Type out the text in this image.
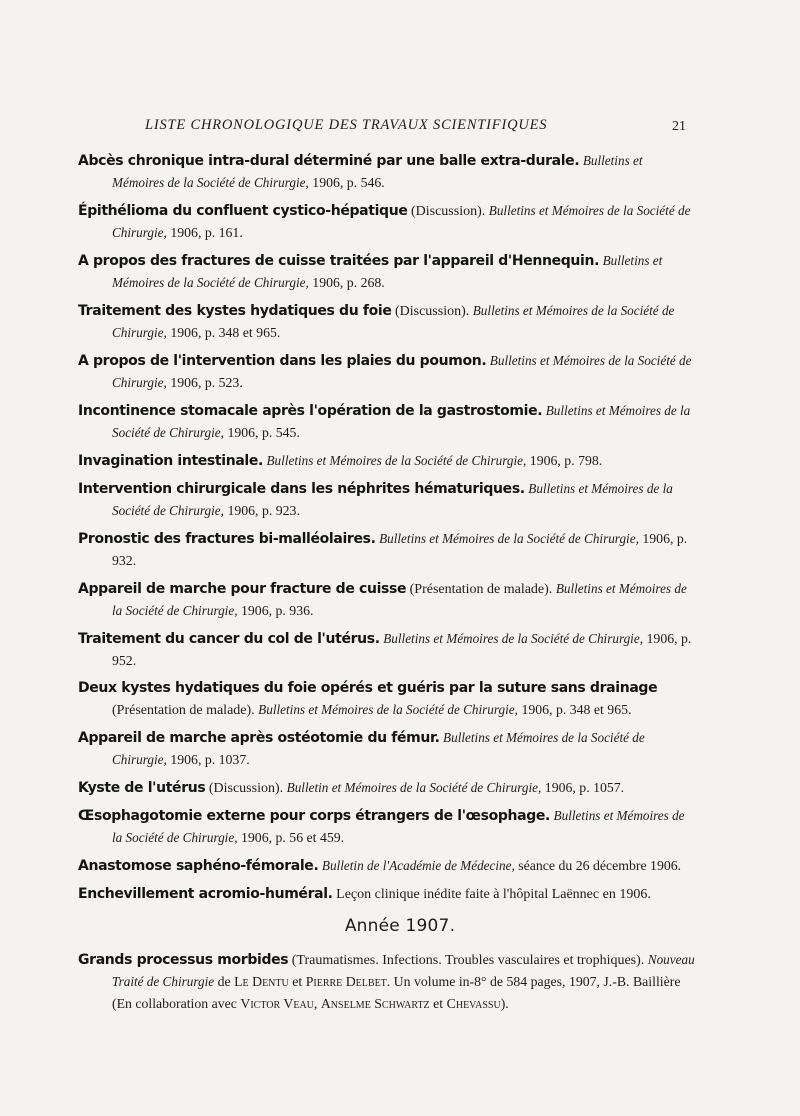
LISTE CHRONOLOGIQUE DES TRAVAUX SCIENTIFIQUES	21

Abcès chronique intra-dural déterminé par une balle extra-durale. Bulletins et Mémoires de la Société de Chirurgie, 1906, p. 546.

Épithélioma du confluent cystico-hépatique (Discussion). Bulletins et Mémoires de la Société de Chirurgie, 1906, p. 161.

A propos des fractures de cuisse traitées par l'appareil d'Hennequin. Bulletins et Mémoires de la Société de Chirurgie, 1906, p. 268.

Traitement des kystes hydatiques du foie (Discussion). Bulletins et Mémoires de la Société de Chirurgie, 1906, p. 348 et 965.

A propos de l'intervention dans les plaies du poumon. Bulletins et Mémoires de la Société de Chirurgie, 1906, p. 523.

Incontinence stomacale après l'opération de la gastrostomie. Bulletins et Mémoires de la Société de Chirurgie, 1906, p. 545.

Invagination intestinale. Bulletins et Mémoires de la Société de Chirurgie, 1906, p. 798.

Intervention chirurgicale dans les néphrites hématuriques. Bulletins et Mémoires de la Société de Chirurgie, 1906, p. 923.

Pronostic des fractures bi-malléolaires. Bulletins et Mémoires de la Société de Chirurgie, 1906, p. 932.

Appareil de marche pour fracture de cuisse (Présentation de malade). Bulletins et Mémoires de la Société de Chirurgie, 1906, p. 936.

Traitement du cancer du col de l'utérus. Bulletins et Mémoires de la Société de Chirurgie, 1906, p. 952.

Deux kystes hydatiques du foie opérés et guéris par la suture sans drainage (Présentation de malade). Bulletins et Mémoires de la Société de Chirurgie, 1906, p. 348 et 965.

Appareil de marche après ostéotomie du fémur. Bulletins et Mémoires de la Société de Chirurgie, 1906, p. 1037.

Kyste de l'utérus (Discussion). Bulletin et Mémoires de la Société de Chirurgie, 1906, p. 1057.

Œsophagotomie externe pour corps étrangers de l'œsophage. Bulletins et Mémoires de la Société de Chirurgie, 1906, p. 56 et 459.

Anastomose saphéno-fémorale. Bulletin de l'Académie de Médecine, séance du 26 décembre 1906.

Enchevillement acromio-huméral. Leçon clinique inédite faite à l'hôpital Laënnec en 1906.

Année 1907.

Grands processus morbides (Traumatismes. Infections. Troubles vasculaires et trophiques). Nouveau Traité de Chirurgie de Le Dentu et Pierre Delbet. Un volume in-8° de 584 pages, 1907, J.-B. Baillière (En collaboration avec Victor Veau, Anselme Schwartz et Chevassu).
